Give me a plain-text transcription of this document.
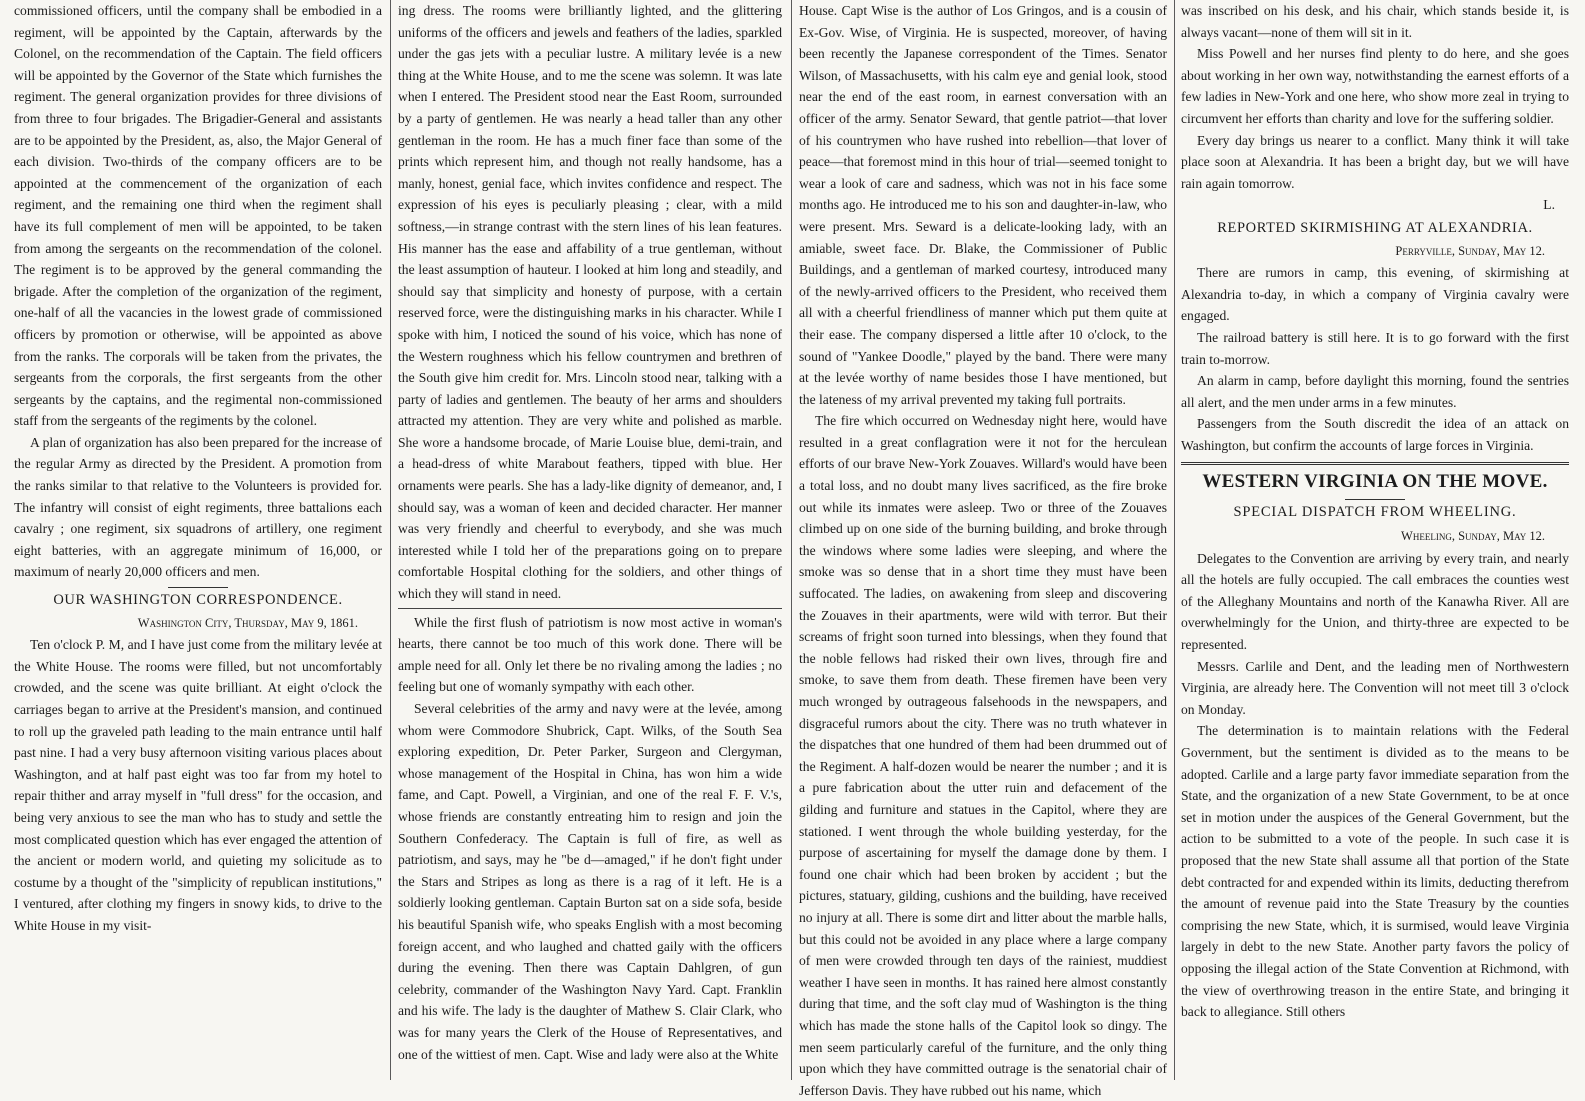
commissioned officers, until the company shall be embodied in a regiment, will be appointed by the Captain, afterwards by the Colonel, on the recommendation of the Captain. The field officers will be appointed by the Governor of the State which furnishes the regiment. The general organization provides for three divisions of from three to four brigades. The Brigadier-General and assistants are to be appointed by the President, as, also, the Major General of each division. Two-thirds of the company officers are to be appointed at the commencement of the organization of each regiment, and the remaining one third when the regiment shall have its full complement of men will be appointed, to be taken from among the sergeants on the recommendation of the colonel. The regiment is to be approved by the general commanding the brigade. After the completion of the organization of the regiment, one-half of all the vacancies in the lowest grade of commissioned officers by promotion or otherwise, will be appointed as above from the ranks. The corporals will be taken from the privates, the sergeants from the corporals, the first sergeants from the other sergeants by the captains, and the regimental non-commissioned staff from the sergeants of the regiments by the colonel.

A plan of organization has also been prepared for the increase of the regular Army as directed by the President. A promotion from the ranks similar to that relative to the Volunteers is provided for. The infantry will consist of eight regiments, three battalions each cavalry ; one regiment, six squadrons of artillery, one regiment eight batteries, with an aggregate minimum of 16,000, or maximum of nearly 20,000 officers and men.

OUR WASHINGTON CORRESPONDENCE.
Washington City, Thursday, May 9, 1861.

Ten o'clock P. M, and I have just come from the military levée at the White House. The rooms were filled, but not uncomfortably crowded, and the scene was quite brilliant. At eight o'clock the carriages began to arrive at the President's mansion, and continued to roll up the graveled path leading to the main entrance until half past nine. I had a very busy afternoon visiting various places about Washington, and at half past eight was too far from my hotel to repair thither and array myself in "full dress" for the occasion, and being very anxious to see the man who has to study and settle the most complicated question which has ever engaged the attention of the ancient or modern world, and quieting my solicitude as to costume by a thought of the "simplicity of republican institutions," I ventured, after clothing my fingers in snowy kids, to drive to the White House in my visit-

ing dress. The rooms were brilliantly lighted, and the glittering uniforms of the officers and jewels and feathers of the ladies, sparkled under the gas jets with a peculiar lustre. A military levée is a new thing at the White House, and to me the scene was solemn. It was late when I entered. The President stood near the East Room, surrounded by a party of gentlemen. He was nearly a head taller than any other gentleman in the room. He has a much finer face than some of the prints which represent him, and though not really handsome, has a manly, honest, genial face, which invites confidence and respect. The expression of his eyes is peculiarly pleasing ; clear, with a mild softness,—in strange contrast with the stern lines of his lean features. His manner has the ease and affability of a true gentleman, without the least assumption of hauteur. I looked at him long and steadily, and should say that simplicity and honesty of purpose, with a certain reserved force, were the distinguishing marks in his character. While I spoke with him, I noticed the sound of his voice, which has none of the Western roughness which his fellow countrymen and brethren of the South give him credit for. Mrs. Lincoln stood near, talking with a party of ladies and gentlemen. The beauty of her arms and shoulders attracted my attention. They are very white and polished as marble. She wore a handsome brocade, of Marie Louise blue, demi-train, and a head-dress of white Marabout feathers, tipped with blue. Her ornaments were pearls. She has a lady-like dignity of demeanor, and, I should say, was a woman of keen and decided character. Her manner was very friendly and cheerful to everybody, and she was much interested while I told her of the preparations going on to prepare comfortable Hospital clothing for the soldiers, and other things of which they will stand in need.

While the first flush of patriotism is now most active in woman's hearts, there cannot be too much of this work done. There will be ample need for all. Only let there be no rivaling among the ladies ; no feeling but one of womanly sympathy with each other.

Several celebrities of the army and navy were at the levée, among whom were Commodore Shubrick, Capt. Wilks, of the South Sea exploring expedition, Dr. Peter Parker, Surgeon and Clergyman, whose management of the Hospital in China, has won him a wide fame, and Capt. Powell, a Virginian, and one of the real F. F. V.'s, whose friends are constantly entreating him to resign and join the Southern Confederacy. The Captain is full of fire, as well as patriotism, and says, may he "be d—amaged," if he don't fight under the Stars and Stripes as long as there is a rag of it left. He is a soldierly looking gentleman. Captain Burton sat on a side sofa, beside his beautiful Spanish wife, who speaks English with a most becoming foreign accent, and who laughed and chatted gaily with the officers during the evening. Then there was Captain Dahlgren, of gun celebrity, commander of the Washington Navy Yard. Capt. Franklin and his wife. The lady is the daughter of Mathew S. Clair Clark, who was for many years the Clerk of the House of Representatives, and one of the wittiest of men. Capt. Wise and lady were also at the White

House. Capt Wise is the author of Los Gringos, and is a cousin of Ex-Gov. Wise, of Virginia. He is suspected, moreover, of having been recently the Japanese correspondent of the Times. Senator Wilson, of Massachusetts, with his calm eye and genial look, stood near the end of the east room, in earnest conversation with an officer of the army. Senator Seward, that gentle patriot—that lover of his countrymen who have rushed into rebellion—that lover of peace—that foremost mind in this hour of trial—seemed tonight to wear a look of care and sadness, which was not in his face some months ago. He introduced me to his son and daughter-in-law, who were present. Mrs. Seward is a delicate-looking lady, with an amiable, sweet face. Dr. Blake, the Commissioner of Public Buildings, and a gentleman of marked courtesy, introduced many of the newly-arrived officers to the President, who received them all with a cheerful friendliness of manner which put them quite at their ease. The company dispersed a little after 10 o'clock, to the sound of "Yankee Doodle," played by the band. There were many at the levée worthy of name besides those I have mentioned, but the lateness of my arrival prevented my taking full portraits.

The fire which occurred on Wednesday night here, would have resulted in a great conflagration were it not for the herculean efforts of our brave New-York Zouaves. Willard's would have been a total loss, and no doubt many lives sacrificed, as the fire broke out while its inmates were asleep. Two or three of the Zouaves climbed up on one side of the burning building, and broke through the windows where some ladies were sleeping, and where the smoke was so dense that in a short time they must have been suffocated. The ladies, on awakening from sleep and discovering the Zouaves in their apartments, were wild with terror. But their screams of fright soon turned into blessings, when they found that the noble fellows had risked their own lives, through fire and smoke, to save them from death. These firemen have been very much wronged by outrageous falsehoods in the newspapers, and disgraceful rumors about the city. There was no truth whatever in the dispatches that one hundred of them had been drummed out of the Regiment. A half-dozen would be nearer the number ; and it is a pure fabrication about the utter ruin and defacement of the gilding and furniture and statues in the Capitol, where they are stationed. I went through the whole building yesterday, for the purpose of ascertaining for myself the damage done by them. I found one chair which had been broken by accident ; but the pictures, statuary, gilding, cushions and the building, have received no injury at all. There is some dirt and litter about the marble halls, but this could not be avoided in any place where a large company of men were crowded through ten days of the rainiest, muddiest weather I have seen in months. It has rained here almost constantly during that time, and the soft clay mud of Washington is the thing which has made the stone halls of the Capitol look so dingy. The men seem particularly careful of the furniture, and the only thing upon which they have committed outrage is the senatorial chair of Jefferson Davis. They have rubbed out his name, which

was inscribed on his desk, and his chair, which stands beside it, is always vacant—none of them will sit in it.

Miss Powell and her nurses find plenty to do here, and she goes about working in her own way, notwithstanding the earnest efforts of a few ladies in New-York and one here, who show more zeal in trying to circumvent her efforts than charity and love for the suffering soldier.

Every day brings us nearer to a conflict. Many think it will take place soon at Alexandria. It has been a bright day, but we will have rain again tomorrow.

L.
REPORTED SKIRMISHING AT ALEXANDRIA.
Perryville, Sunday, May 12.

There are rumors in camp, this evening, of skirmishing at Alexandria to-day, in which a company of Virginia cavalry were engaged.

The railroad battery is still here. It is to go forward with the first train to-morrow.

An alarm in camp, before daylight this morning, found the sentries all alert, and the men under arms in a few minutes.

Passengers from the South discredit the idea of an attack on Washington, but confirm the accounts of large forces in Virginia.

WESTERN VIRGINIA ON THE MOVE.
SPECIAL DISPATCH FROM WHEELING.
Wheeling, Sunday, May 12.

Delegates to the Convention are arriving by every train, and nearly all the hotels are fully occupied. The call embraces the counties west of the Alleghany Mountains and north of the Kanawha River. All are overwhelmingly for the Union, and thirty-three are expected to be represented.

Messrs. Carlile and Dent, and the leading men of Northwestern Virginia, are already here. The Convention will not meet till 3 o'clock on Monday.

The determination is to maintain relations with the Federal Government, but the sentiment is divided as to the means to be adopted. Carlile and a large party favor immediate separation from the State, and the organization of a new State Government, to be at once set in motion under the auspices of the General Government, but the action to be submitted to a vote of the people. In such case it is proposed that the new State shall assume all that portion of the State debt contracted for and expended within its limits, deducting therefrom the amount of revenue paid into the State Treasury by the counties comprising the new State, which, it is surmised, would leave Virginia largely in debt to the new State. Another party favors the policy of opposing the illegal action of the State Convention at Richmond, with the view of overthrowing treason in the entire State, and bringing it back to allegiance. Still others
